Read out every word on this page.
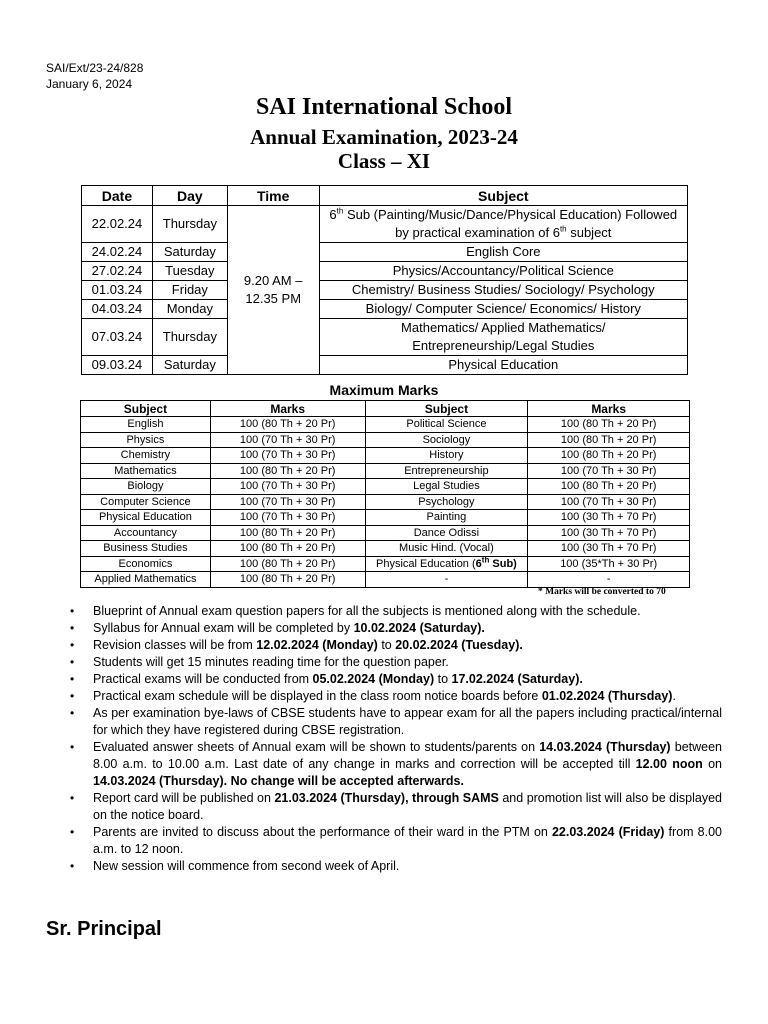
SAI/Ext/23-24/828
January 6, 2024
SAI International School
Annual Examination, 2023-24
Class – XI
Date	Day	Time	Subject
22.02.24	Thursday	9.20 AM – 12.35 PM	6th Sub (Painting/Music/Dance/Physical Education) Followed by practical examination of 6th subject
24.02.24	Saturday		English Core
27.02.24	Tuesday		Physics/Accountancy/Political Science
01.03.24	Friday		Chemistry/ Business Studies/ Sociology/ Psychology
04.03.24	Monday		Biology/ Computer Science/ Economics/ History
07.03.24	Thursday		Mathematics/ Applied Mathematics/ Entrepreneurship/Legal Studies
09.03.24	Saturday		Physical Education
Maximum Marks
Subject	Marks	Subject	Marks
English	100 (80 Th + 20 Pr)	Political Science	100 (80 Th + 20 Pr)
Physics	100 (70 Th + 30 Pr)	Sociology	100 (80 Th + 20 Pr)
Chemistry	100 (70 Th + 30 Pr)	History	100 (80 Th + 20 Pr)
Mathematics	100 (80 Th + 20 Pr)	Entrepreneurship	100 (70 Th + 30 Pr)
Biology	100 (70 Th + 30 Pr)	Legal Studies	100 (80 Th + 20 Pr)
Computer Science	100 (70 Th + 30 Pr)	Psychology	100 (70 Th + 30 Pr)
Physical Education	100 (70 Th + 30 Pr)	Painting	100 (30 Th + 70 Pr)
Accountancy	100 (80 Th + 20 Pr)	Dance Odissi	100 (30 Th + 70 Pr)
Business Studies	100 (80 Th + 20 Pr)	Music Hind. (Vocal)	100 (30 Th + 70 Pr)
Economics	100 (80 Th + 20 Pr)	Physical Education (6th Sub)	100 (35*Th + 30 Pr)
Applied Mathematics	100 (80 Th + 20 Pr)	-	-
* Marks will be converted to 70
• Blueprint of Annual exam question papers for all the subjects is mentioned along with the schedule.
• Syllabus for Annual exam will be completed by 10.02.2024 (Saturday).
• Revision classes will be from 12.02.2024 (Monday) to 20.02.2024 (Tuesday).
• Students will get 15 minutes reading time for the question paper.
• Practical exams will be conducted from 05.02.2024 (Monday) to 17.02.2024 (Saturday).
• Practical exam schedule will be displayed in the class room notice boards before 01.02.2024 (Thursday).
• As per examination bye-laws of CBSE students have to appear exam for all the papers including practical/internal for which they have registered during CBSE registration.
• Evaluated answer sheets of Annual exam will be shown to students/parents on 14.03.2024 (Thursday) between 8.00 a.m. to 10.00 a.m. Last date of any change in marks and correction will be accepted till 12.00 noon on 14.03.2024 (Thursday). No change will be accepted afterwards.
• Report card will be published on 21.03.2024 (Thursday), through SAMS and promotion list will also be displayed on the notice board.
• Parents are invited to discuss about the performance of their ward in the PTM on 22.03.2024 (Friday) from 8.00 a.m. to 12 noon.
• New session will commence from second week of April.
Sr. Principal
